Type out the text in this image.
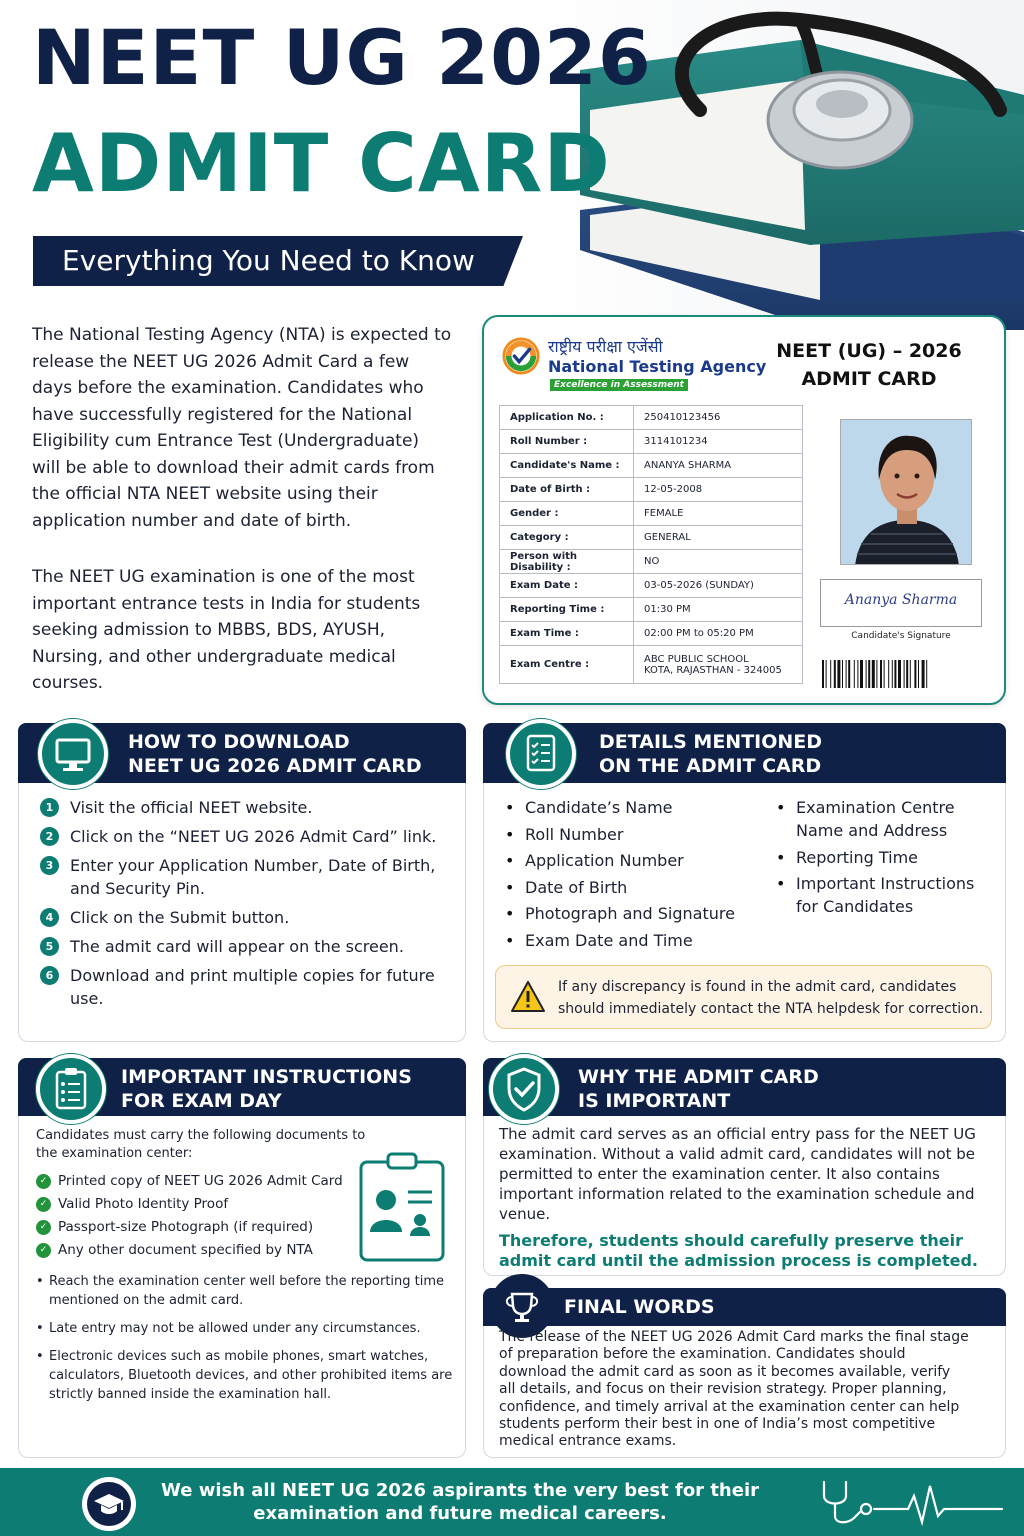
NEET UG 2026
ADMIT CARD
Everything You Need to Know

The National Testing Agency (NTA) is expected to release the NEET UG 2026 Admit Card a few days before the examination. Candidates who have successfully registered for the National Eligibility cum Entrance Test (Undergraduate) will be able to download their admit cards from the official NTA NEET website using their application number and date of birth.

The NEET UG examination is one of the most important entrance tests in India for students seeking admission to MBBS, BDS, AYUSH, Nursing, and other undergraduate medical courses.

राष्ट्रीय परीक्षा एजेंसी
National Testing Agency
Excellence in Assessment
NEET (UG) – 2026
ADMIT CARD
Application No. :	250410123456
Roll Number :	3114101234
Candidate's Name :	ANANYA SHARMA
Date of Birth :	12-05-2008
Gender :	FEMALE
Category :	GENERAL
Person with Disability :	NO
Exam Date :	03-05-2026 (SUNDAY)
Reporting Time :	01:30 PM
Exam Time :	02:00 PM to 05:20 PM
Exam Centre :	ABC PUBLIC SCHOOL
KOTA, RAJASTHAN - 324005
Ananya Sharma
Candidate's Signature
HOW TO DOWNLOAD
NEET UG 2026 ADMIT CARD
1	Visit the official NEET website.
2	Click on the “NEET UG 2026 Admit Card” link.
3	Enter your Application Number, Date of Birth, and Security Pin.
4	Click on the Submit button.
5	The admit card will appear on the screen.
6	Download and print multiple copies for future use.
DETAILS MENTIONED
ON THE ADMIT CARD
• Candidate’s Name
• Roll Number
• Application Number
• Date of Birth
• Photograph and Signature
• Exam Date and Time
• Examination Centre Name and Address
• Reporting Time
• Important Instructions for Candidates
If any discrepancy is found in the admit card, candidates should immediately contact the NTA helpdesk for correction.
IMPORTANT INSTRUCTIONS
FOR EXAM DAY
Candidates must carry the following documents to the examination center:
✓ Printed copy of NEET UG 2026 Admit Card
✓ Valid Photo Identity Proof
✓ Passport-size Photograph (if required)
✓ Any other document specified by NTA
• Reach the examination center well before the reporting time mentioned on the admit card.
• Late entry may not be allowed under any circumstances.
• Electronic devices such as mobile phones, smart watches, calculators, Bluetooth devices, and other prohibited items are strictly banned inside the examination hall.
WHY THE ADMIT CARD
IS IMPORTANT
The admit card serves as an official entry pass for the NEET UG examination. Without a valid admit card, candidates will not be permitted to enter the examination center. It also contains important information related to the examination schedule and venue.
Therefore, students should carefully preserve their admit card until the admission process is completed.
FINAL WORDS
The release of the NEET UG 2026 Admit Card marks the final stage of preparation before the examination. Candidates should download the admit card as soon as it becomes available, verify all details, and focus on their revision strategy. Proper planning, confidence, and timely arrival at the examination center can help students perform their best in one of India’s most competitive medical entrance exams.
We wish all NEET UG 2026 aspirants the very best for their examination and future medical careers.
